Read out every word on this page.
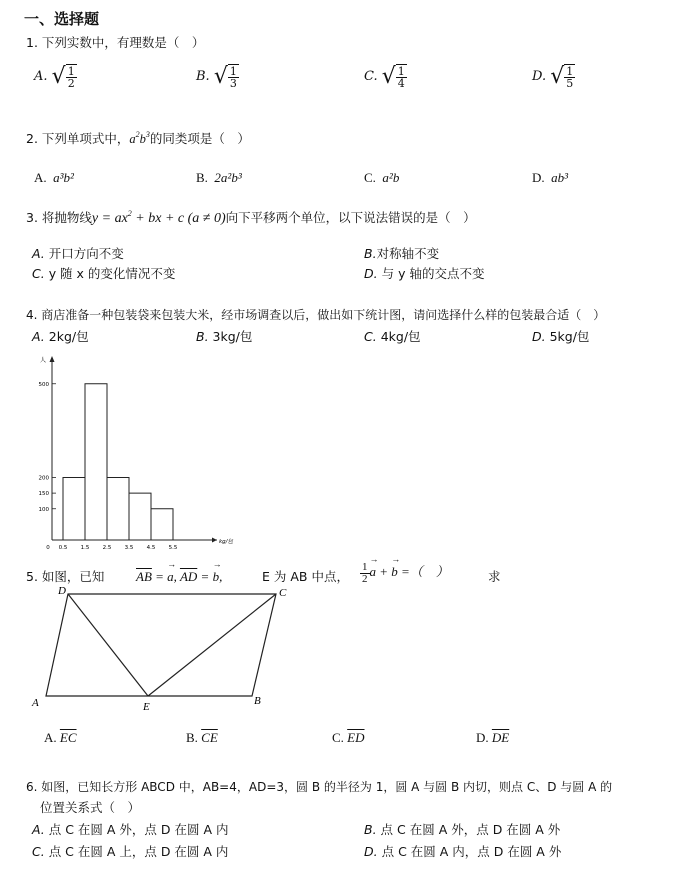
一、选择题
1. 下列实数中，有理数是（　）
A. √ $\frac{1}{2}$	B. √ $\frac{1}{3}$	C. √ $\frac{1}{4}$	D. √ $\frac{1}{5}$
2. 下列单项式中，$a^2b^3$的同类项是（　）
A. a³b²	B. 2a²b³	C. a²b	D. ab³
3. 将抛物线$y = ax^2$ + bx + c (a ≠ 0)向下平移两个单位，以下说法错误的是（　）
A. 开口方向不变	B.对称轴不变
C. y 随 x 的变化情况不变	D. 与 y 轴的交点不变
4. 商店准备一种包装袋来包装大米，经市场调查以后，做出如下统计图，请问选择什么样的包装最合适（　）
A. 2kg/包	B. 3kg/包	C. 4kg/包	D. 5kg/包
100
150
200
500
0.5 1.5 2.5 3.5 4.5 5.5
0
人
kg/包
5. 如图，已知 $\overline{AB}$ = → a, $\overline{AD}$ = → b,	E 为 AB 中点， $\frac{1}{2} \to a$ + → b =（　）	求
A	B
C
D
E
A. $\overline{EC}$	B. $\overline{CE}$	C. $\overline{ED}$	D. $\overline{DE}$
6. 如图，已知长方形 ABCD 中，AB=4，AD=3，圆 B 的半径为 1，圆 A 与圆 B 内切，则点 C、D 与圆 A 的
位置关系式（　）
A. 点 C 在圆 A 外，点 D 在圆 A 内	B. 点 C 在圆 A 外，点 D 在圆 A 外
C. 点 C 在圆 A 上，点 D 在圆 A 内	D. 点 C 在圆 A 内，点 D 在圆 A 外
